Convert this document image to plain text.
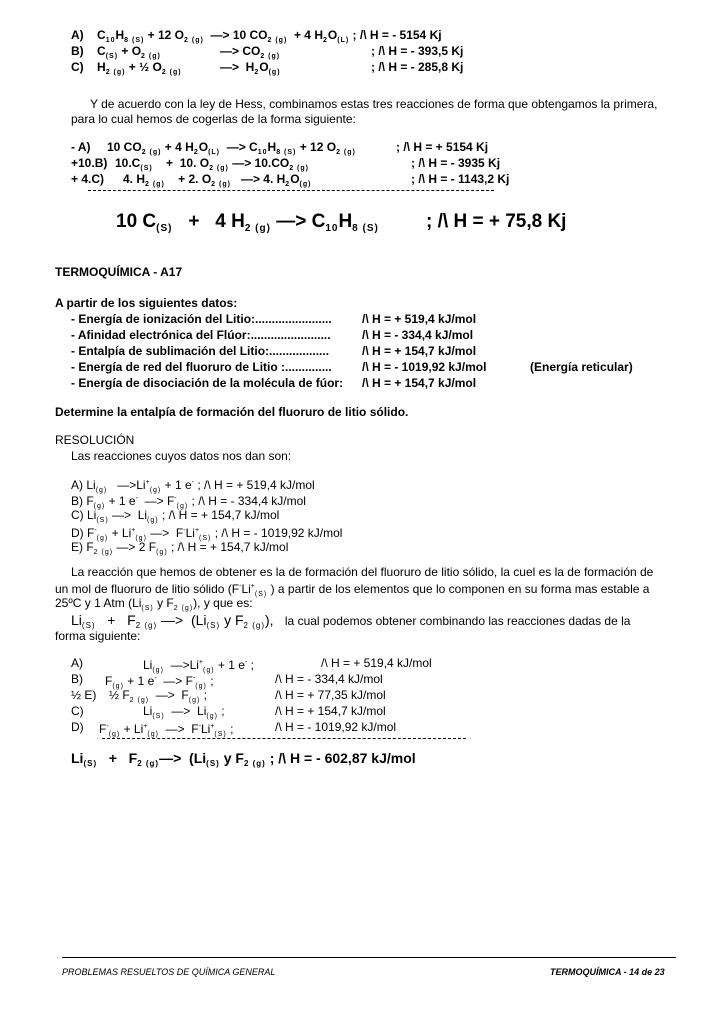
A) $C_{10}H_{8 (S)} + 12$ $O_{2 (g)}$  —> 10 $CO_{2 (g)} + 4$ $H_2O_{(L)}$ ; /\ H = - 5154 Kj
B) $C_{(S)} + O_{2 (g)}$	—> $CO_{2 (g)}$	; /\ H = - 393,5 Kj
C) $H_{2 (g)}$ + ½ $O_{2 (g)}$	—>  $H_2O_{(g)}$	; /\ H = - 285,8 Kj
Y de acuerdo con la ley de Hess, combinamos estas tres reacciones de forma que obtengamos la primera,
para lo cual hemos de cogerlas de la forma siguiente:
- A) 10 $CO_{2 (g)} + 4$ $H_2O_{(L)}$  —> $C_{10}H_{8 (S)} + 12$ $O_{2 (g)}$	; /\ H = + 5154 Kj
+10.B) $10.C_{(S)}$    +  10. $O_{2 (g)}$ —> $10.CO_{2 (g)}$	; /\ H = - 3935 Kj
+ 4.C) 4. $H_{2 (g)}$    + 2. $O_{2 (g)}$   —> 4. $H_2O_{(g)}$	; /\ H = - 1143,2 Kj
10 $C_{(S)} + 4$ $H_{2 (g)}$ —> $C_{10}H_{8 (S)}$ ; /\ H = + 75,8 Kj
TERMOQUÍMICA - A17
A partir de los siguientes datos:
- Energía de ionización del Litio:.......................	/\ H = + 519,4 kJ/mol
- Afinidad electrónica del Flúor:........................	/\ H = - 334,4 kJ/mol
- Entalpía de sublimación del Litio:..................	/\ H = + 154,7 kJ/mol
- Energía de red del fluoruro de Litio :..............	/\ H = - 1019,92 kJ/mol	(Energía reticular)
- Energía de disociación de la molécula de fúor: /\ H = + 154,7 kJ/mol
Determine la entalpía de formación del fluoruro de litio sólido.
RESOLUCIÓN
Las reacciones cuyos datos nos dan son:
A) $Li_{(g)}$   $—>Li^+_{(g)} + 1$ e- ; /\ H = + 519,4 kJ/mol
B) $F_{(g)} + 1$ e-  —> $F^-_{(g)}$ ; /\ H = - 334,4 kJ/mol
C) $Li_{(S)}$ —>  $Li_{(g)}$ ; /\ H = + 154,7 kJ/mol
D) $F^-_{(g)} + Li^+_{(g)}$ —>  $F^-Li^+_{(S)}$ ; /\ H = - 1019,92 kJ/mol
E) $F_{2 (g)}$ —> 2 $F_{(g)}$ ; /\ H = + 154,7 kJ/mol
La reacción que hemos de obtener es la de formación del fluoruro de litio sólido, la cuel es la de formación de
un mol de fluoruro de litio sólido ($F^-Li^+_{(S)}$ ) a partir de los elementos que lo componen en su forma mas estable a
25ºC y 1 Atm ($Li_{(S)}$ y $F_{2 (g)}$), y que es:
$Li_{(S)} + F_{2 (g)}$ —>  ($Li_{(S)}$ y $F_{2 (g)}$), la cual podemos obtener combinando las reacciones dadas de la
forma siguiente:
A)	$Li_{(g)}$  $—>Li^+_{(g)} + 1$ e- ;	/\ H = + 519,4 kJ/mol
B) $F_{(g)} + 1$ e-  —> $F^-_{(g)}$ ;	/\ H = - 334,4 kJ/mol
½ E) ½ $F_{2 (g)}$  —>  $F_{(g)}$ ;	/\ H = + 77,35 kJ/mol
C)	$Li_{(S)}$  —>  $Li_{(g)}$ ;	/\ H = + 154,7 kJ/mol
D) $F^-_{(g)} + Li^+_{(g)}$  —>  $F^-Li^+_{(S)}$ ;	/\ H = - 1019,92 kJ/mol
$Li_{(S)}$   +   $F_{2 (g)}—> (Li_{(S)}$ y $F_{2 (g)}$ ; /\ H = - 602,87 kJ/mol
PROBLEMAS RESUELTOS DE QUÍMICA GENERAL	TERMOQUÍMICA - 14 de 23
